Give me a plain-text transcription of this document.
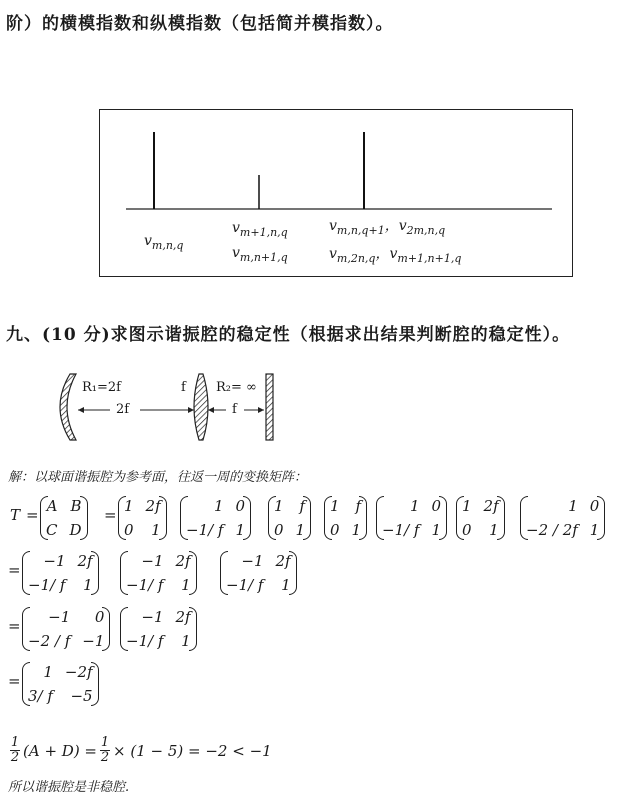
阶）的横模指数和纵模指数（包括简并模指数）。
$v_{m,n,q}$
$v_{m+1,n,q}$
$v_{m,n+1,q}$
$v_{m,n,q+1}$，$v_{2m,n,q}$
$v_{m,2n,q}$，$v_{m+1,n+1,q}$
九、(10 分)求图示谐振腔的稳定性（根据求出结果判断腔的稳定性）。
R₁=2f	f R₂= ∞
2f	f
解：以球面谐振腔为参考面，往返一周的变换矩阵：
T = A B
C D
= 1 2f
0	1
1 0
−1/ f 1
1 f
0 1
1 f
0 1
1 0
−1/ f 1
1 2f
0	1
1 0
−2 / 2f 1
=	−1 2f
−1/ f	1
−1 2f
−1/ f	1
−1 2f
−1/ f	1
=	−1	0
−2 / f −1
−1 2f
−1/ f	1
=	1 −2f
3/ f	−5
$\frac{1}{2} (A + D) = \frac{1}{2} \times (1 - 5) = -2 < -1$
所以谐振腔是非稳腔.
